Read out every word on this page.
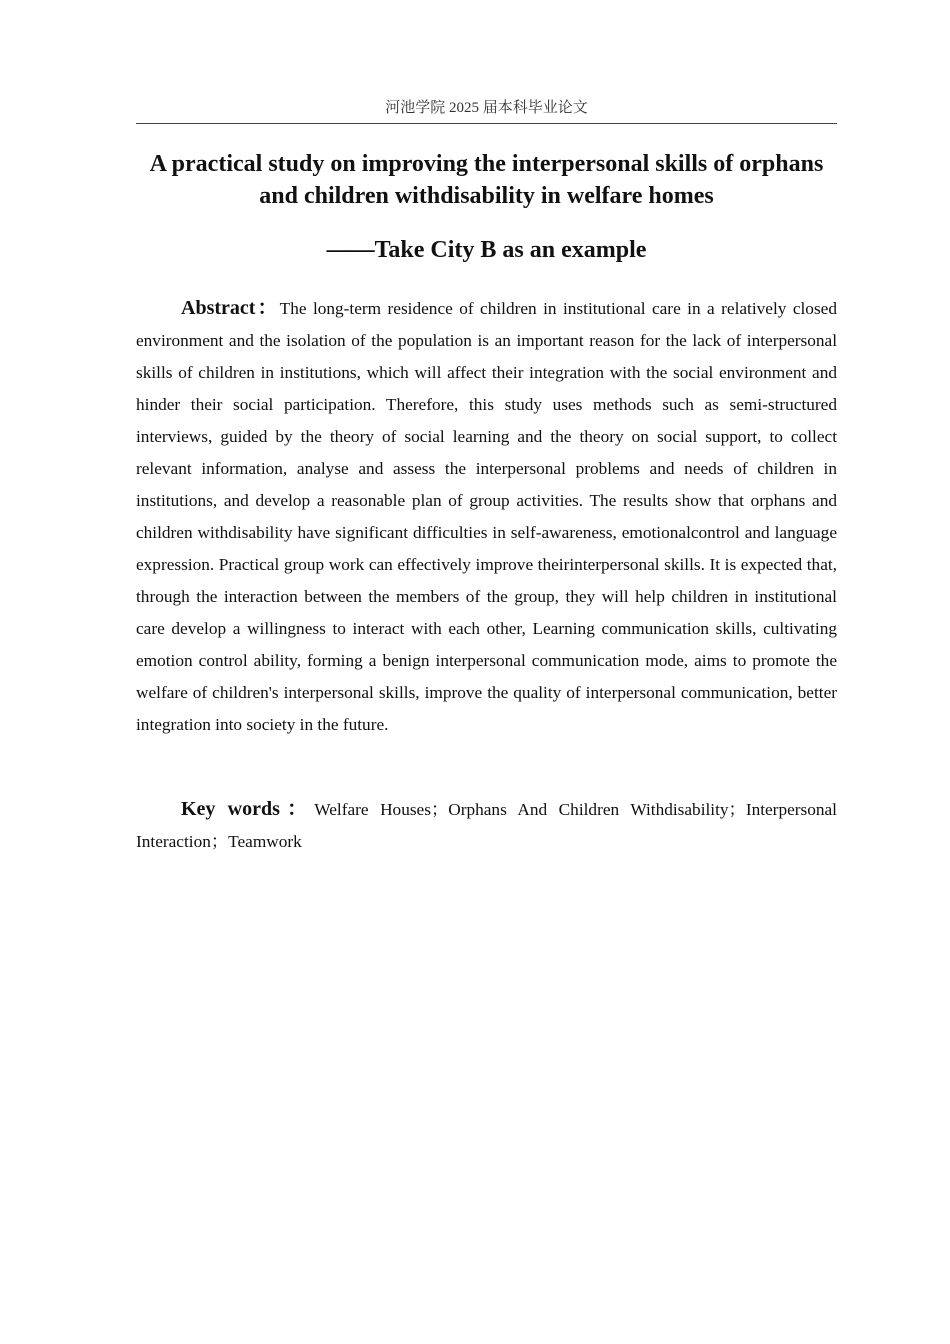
河池学院 2025 届本科毕业论文
A practical study on improving the interpersonal skills of orphans and children withdisability in welfare homes
——Take City B as an example

Abstract：The long-term residence of children in institutional care in a relatively closed environment and the isolation of the population is an important reason for the lack of interpersonal skills of children in institutions, which will affect their integration with the social environment and hinder their social participation. Therefore, this study uses methods such as semi-structured interviews, guided by the theory of social learning and the theory on social support, to collect relevant information, analyse and assess the interpersonal problems and needs of children in institutions, and develop a reasonable plan of group activities. The results show that orphans and children withdisability have significant difficulties in self-awareness, emotionalcontrol and language expression. Practical group work can effectively improve theirinterpersonal skills. It is expected that, through the interaction between the members of the group, they will help children in institutional care develop a willingness to interact with each other, Learning communication skills, cultivating emotion control ability, forming a benign interpersonal communication mode, aims to promote the welfare of children's interpersonal skills, improve the quality of interpersonal communication, better integration into society in the future.

Key words：Welfare Houses；Orphans And Children Withdisability；Interpersonal Interaction；Teamwork
